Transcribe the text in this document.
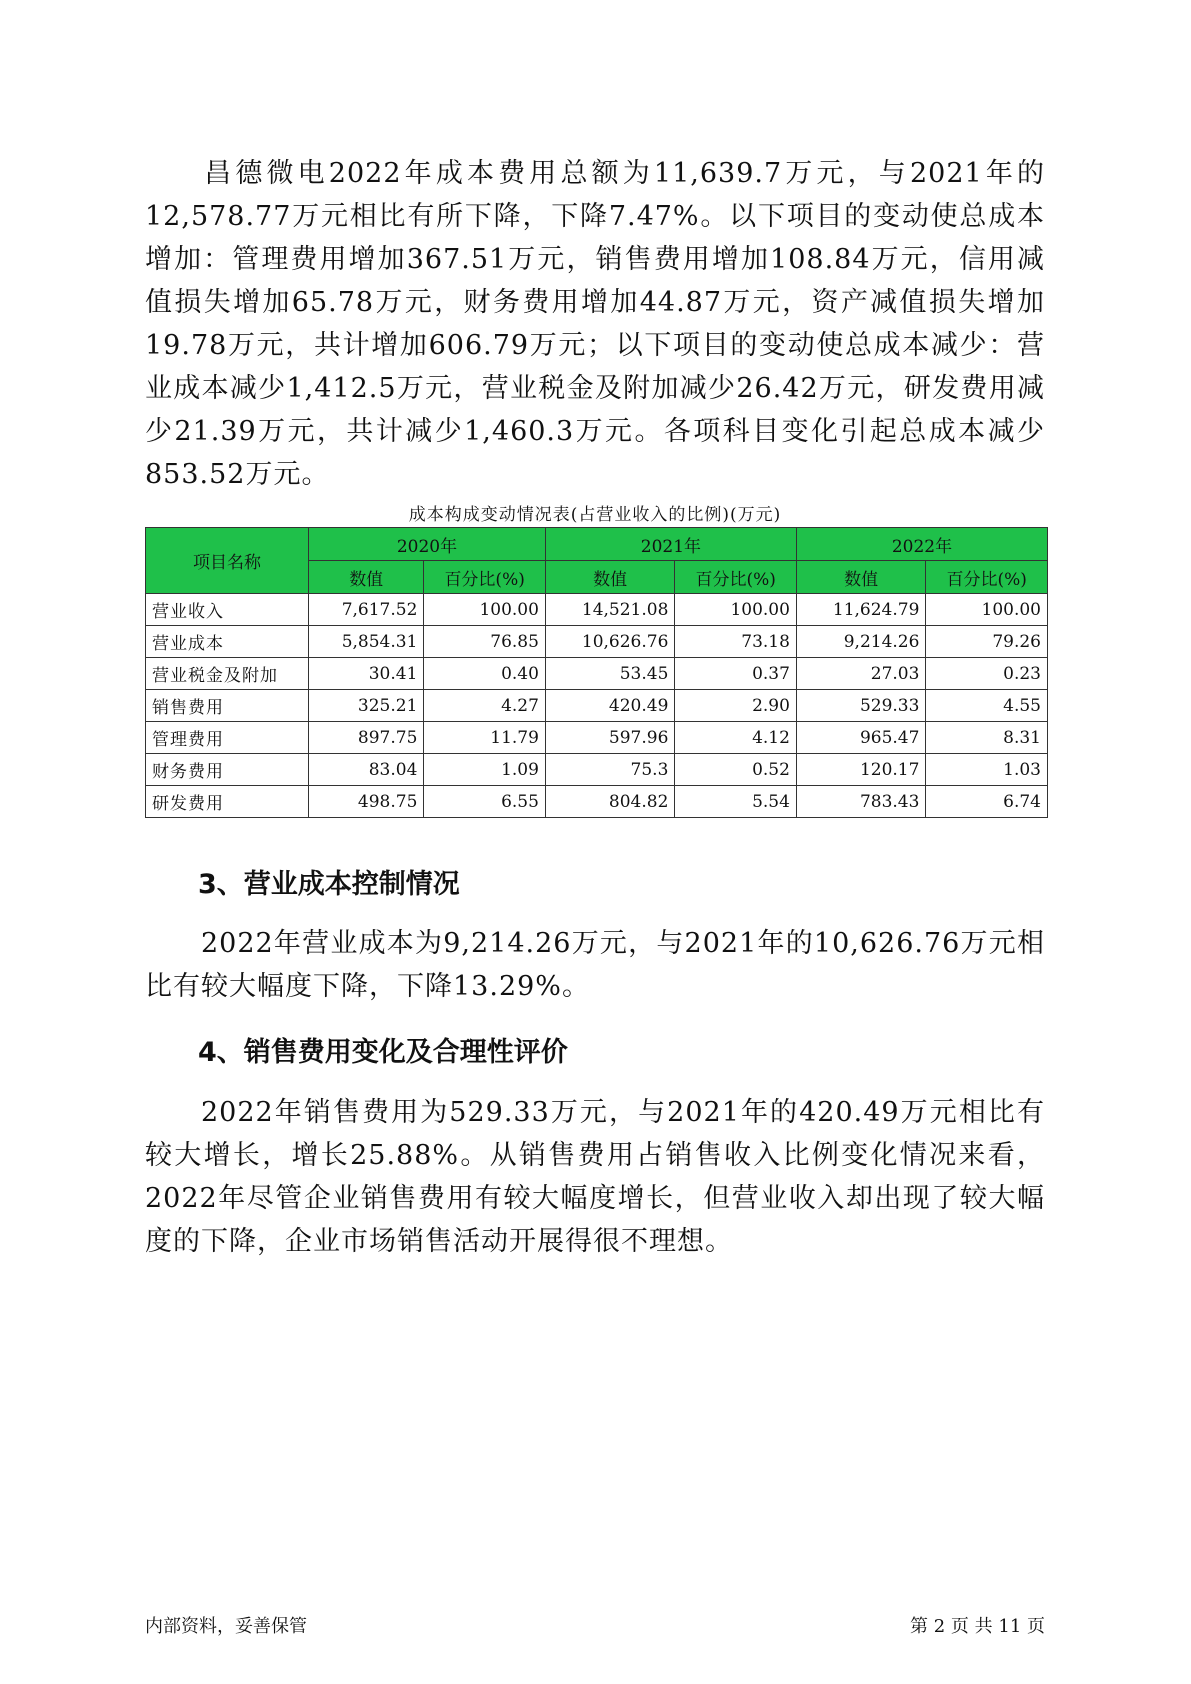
昌德微电2022年成本费用总额为11,639.7万元，与2021年的12,578.77万元相比有所下降，下降7.47%。以下项目的变动使总成本增加：管理费用增加367.51万元，销售费用增加108.84万元，信用减值损失增加65.78万元，财务费用增加44.87万元，资产减值损失增加19.78万元，共计增加606.79万元；以下项目的变动使总成本减少：营业成本减少1,412.5万元，营业税金及附加减少26.42万元，研发费用减少21.39万元，共计减少1,460.3万元。各项科目变化引起总成本减少853.52万元。

成本构成变动情况表(占营业收入的比例)(万元)
项目名称	2020年		2021年		2022年	
	数值	百分比(%)	数值	百分比(%)	数值	百分比(%)
营业收入	7,617.52	100.00	14,521.08	100.00	11,624.79	100.00
营业成本	5,854.31	76.85	10,626.76	73.18	9,214.26	79.26
营业税金及附加	30.41	0.40	53.45	0.37	27.03	0.23
销售费用	325.21	4.27	420.49	2.90	529.33	4.55
管理费用	897.75	11.79	597.96	4.12	965.47	8.31
财务费用	83.04	1.09	75.3	0.52	120.17	1.03
研发费用	498.75	6.55	804.82	5.54	783.43	6.74
3、营业成本控制情况

2022年营业成本为9,214.26万元，与2021年的10,626.76万元相比有较大幅度下降，下降13.29%。

4、销售费用变化及合理性评价

2022年销售费用为529.33万元，与2021年的420.49万元相比有较大增长，增长25.88%。从销售费用占销售收入比例变化情况来看，2022年尽管企业销售费用有较大幅度增长，但营业收入却出现了较大幅度的下降，企业市场销售活动开展得很不理想。

内部资料，妥善保管	第 2 页 共 11 页
